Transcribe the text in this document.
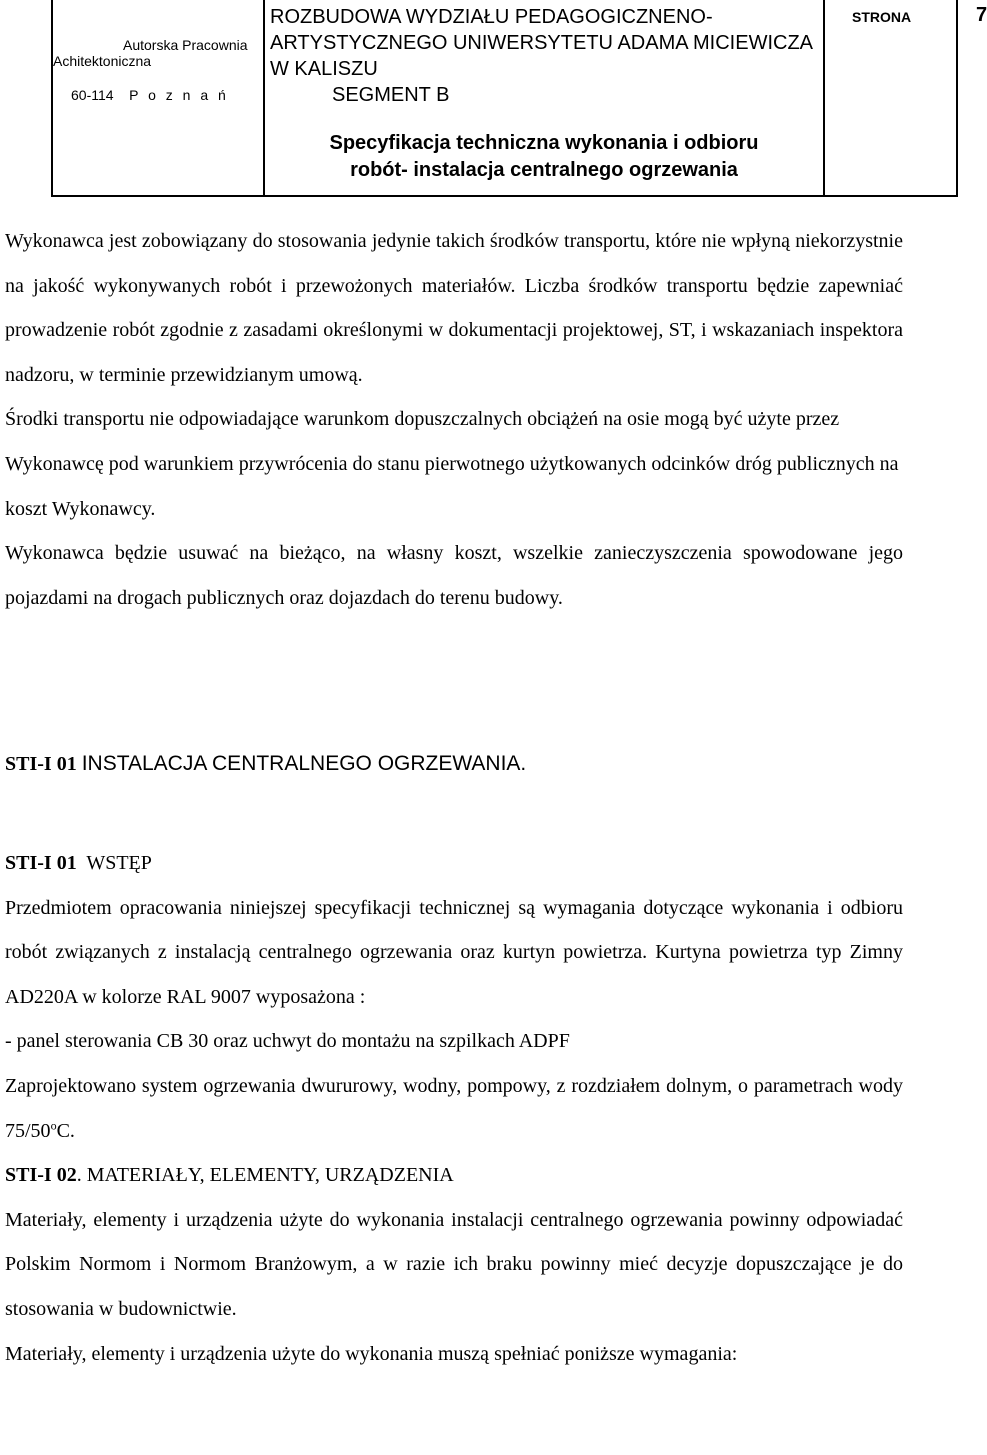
Autorska Pracownia
Achitektoniczna
60-114 P o z n a ń
ROZBUDOWA WYDZIAŁU PEDAGOGICZNENO-
ARTYSTYCZNEGO UNIWERSYTETU ADAMA MICIEWICZA
W KALISZU
SEGMENT B
Specyfikacja techniczna wykonania i odbioru
robót- instalacja centralnego ogrzewania
STRONA	7

Wykonawca jest zobowiązany do stosowania jedynie takich środków transportu, które nie wpłyną niekorzystnie na jakość wykonywanych robót i przewożonych materiałów. Liczba środków transportu będzie zapewniać prowadzenie robót zgodnie z zasadami określonymi w dokumentacji projektowej, ST, i wskazaniach inspektora nadzoru, w terminie przewidzianym umową.

Środki transportu nie odpowiadające warunkom dopuszczalnych obciążeń na osie mogą być użyte przez Wykonawcę pod warunkiem przywrócenia do stanu pierwotnego użytkowanych odcinków dróg publicznych na koszt Wykonawcy.

Wykonawca będzie usuwać na bieżąco, na własny koszt, wszelkie zanieczyszczenia spowodowane jego pojazdami na drogach publicznych oraz dojazdach do terenu budowy.

STI-I 01 INSTALACJA CENTRALNEGO OGRZEWANIA.

STI-I 01 WSTĘP

Przedmiotem opracowania niniejszej specyfikacji technicznej są wymagania dotyczące wykonania i odbioru robót związanych z instalacją centralnego ogrzewania oraz kurtyn powietrza. Kurtyna powietrza typ Zimny AD220A w kolorze RAL 9007 wyposażona :

- panel sterowania CB 30 oraz uchwyt do montażu na szpilkach ADPF

Zaprojektowano system ogrzewania dwururowy, wodny, pompowy, z rozdziałem dolnym, o parametrach wody 75/50$^o$C.

STI-I 02. MATERIAŁY, ELEMENTY, URZĄDZENIA

Materiały, elementy i urządzenia użyte do wykonania instalacji centralnego ogrzewania powinny odpowiadać Polskim Normom i Normom Branżowym, a w razie ich braku powinny mieć decyzje dopuszczające je do stosowania w budownictwie.

Materiały, elementy i urządzenia użyte do wykonania muszą spełniać poniższe wymagania:
